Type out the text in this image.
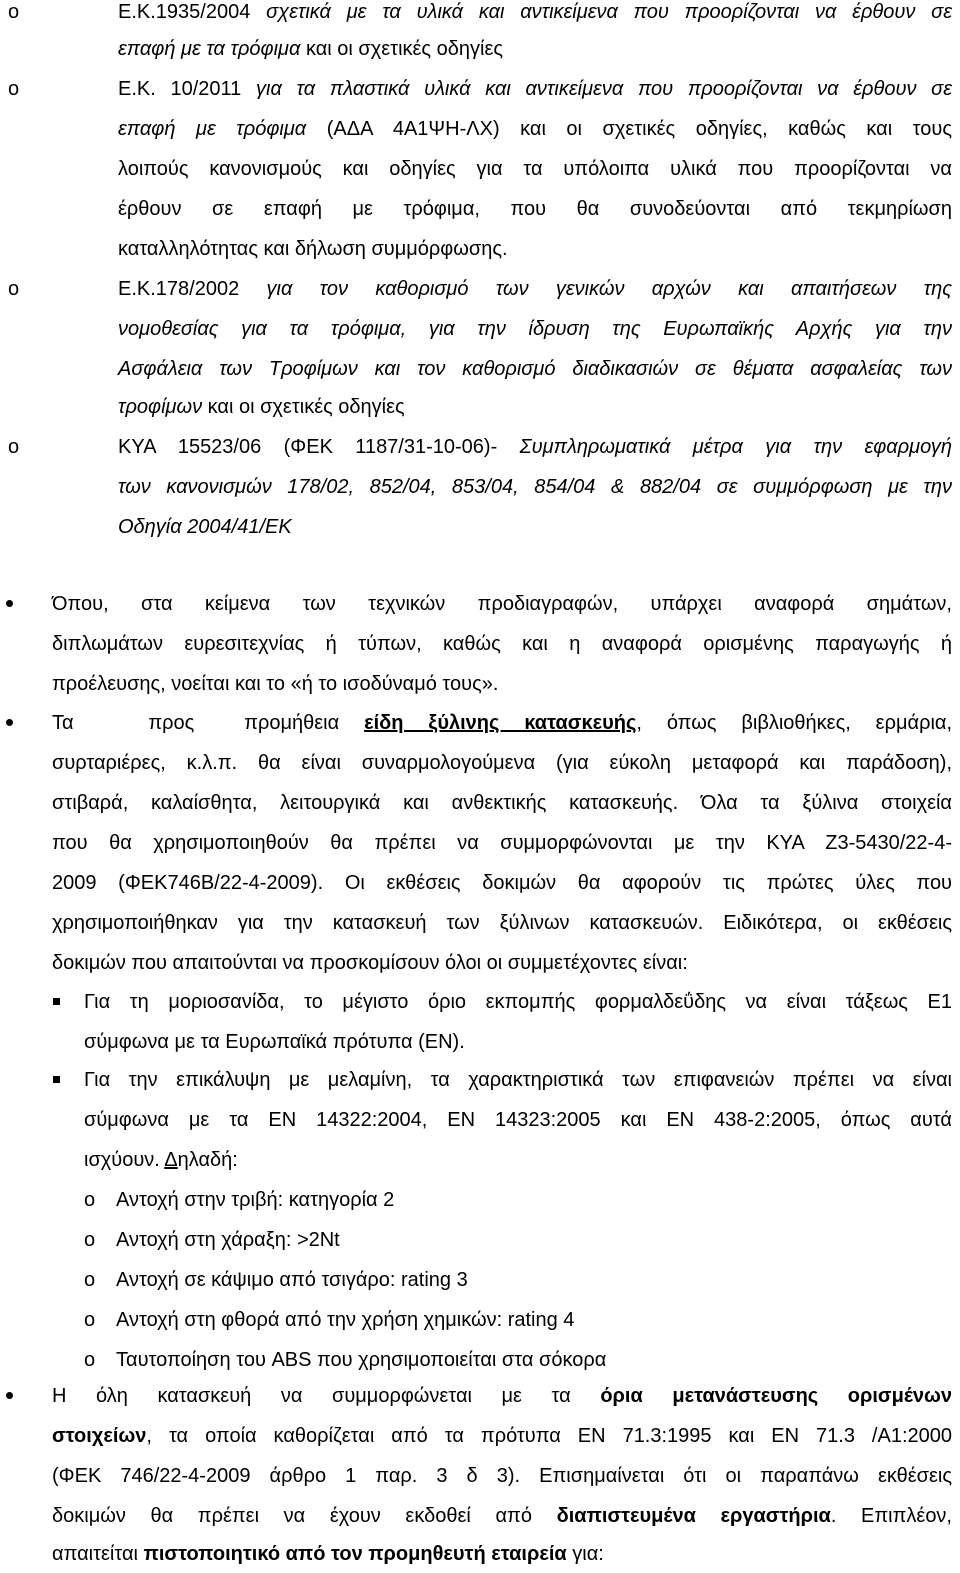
o	Ε.Κ.1935/2004 σχετικά με τα υλικά και αντικείμενα που προορίζονται να έρθουν σε
επαφή με τα τρόφιμα και οι σχετικές οδηγίες
o	Ε.Κ. 10/2011 για τα πλαστικά υλικά και αντικείμενα που προορίζονται να έρθουν σε
επαφή με τρόφιμα (ΑΔΑ 4Α1ΨΗ-ΛΧ) και οι σχετικές οδηγίες, καθώς και τους
λοιπούς κανονισμούς και οδηγίες για τα υπόλοιπα υλικά που προορίζονται να
έρθουν σε επαφή με τρόφιμα, που θα συνοδεύονται από τεκμηρίωση
καταλληλότητας και δήλωση συμμόρφωσης.
o	Ε.Κ.178/2002 για τον καθορισμό των γενικών αρχών και απαιτήσεων της
νομοθεσίας για τα τρόφιμα, για την ίδρυση της Ευρωπαϊκής Αρχής για την
Ασφάλεια των Τροφίμων και τον καθορισμό διαδικασιών σε θέματα ασφαλείας των
τροφίμων και οι σχετικές οδηγίες
o	ΚΥΑ 15523/06 (ΦΕΚ 1187/31-10-06)- Συμπληρωματικά μέτρα για την εφαρμογή
των κανονισμών 178/02, 852/04, 853/04, 854/04 & 882/04 σε συμμόρφωση με την
Οδηγία 2004/41/ΕΚ
Όπου, στα κείμενα των τεχνικών προδιαγραφών, υπάρχει αναφορά σημάτων,
διπλωμάτων ευρεσιτεχνίας ή τύπων, καθώς και η αναφορά ορισμένης παραγωγής ή
προέλευσης, νοείται και το «ή το ισοδύναμό τους».
Τα   προς  προμήθεια είδη ξύλινης κατασκευής, όπως βιβλιοθήκες, ερμάρια,
συρταριέρες, κ.λ.π. θα είναι συναρμολογούμενα (για εύκολη μεταφορά και παράδοση),
στιβαρά, καλαίσθητα, λειτουργικά και ανθεκτικής κατασκευής. Όλα τα ξύλινα στοιχεία
που θα χρησιμοποιηθούν θα πρέπει να συμμορφώνονται με την ΚΥΑ Ζ3-5430/22-4-
2009 (ΦΕΚ746Β/22-4-2009). Οι εκθέσεις δοκιμών θα αφορούν τις πρώτες ύλες που
χρησιμοποιήθηκαν για την κατασκευή των ξύλινων κατασκευών. Ειδικότερα, οι εκθέσεις
δοκιμών που απαιτούνται να προσκομίσουν όλοι οι συμμετέχοντες είναι:
Για τη μοριοσανίδα, το μέγιστο όριο εκπομπής φορμαλδεΰδης να είναι τάξεως Ε1
σύμφωνα με τα Ευρωπαϊκά πρότυπα (ΕΝ).
Για την επικάλυψη με μελαμίνη, τα χαρακτηριστικά των επιφανειών πρέπει να είναι
σύμφωνα με τα ΕΝ 14322:2004, ΕΝ 14323:2005 και ΕΝ 438-2:2005, όπως αυτά
ισχύουν. Δηλαδή:
o Αντοχή στην τριβή: κατηγορία 2
o Αντοχή στη χάραξη: >2Nt
o Αντοχή σε κάψιμο από τσιγάρο: rating 3
o Αντοχή στη φθορά από την χρήση χημικών: rating 4
o Ταυτοποίηση του ABS που χρησιμοποιείται στα σόκορα
Η όλη κατασκευή να συμμορφώνεται με τα όρια μετανάστευσης ορισμένων
στοιχείων, τα οποία καθορίζεται από τα πρότυπα ΕΝ 71.3:1995 και ΕΝ 71.3 /Α1:2000
(ΦΕΚ 746/22-4-2009 άρθρο 1 παρ. 3 δ 3). Επισημαίνεται ότι οι παραπάνω εκθέσεις
δοκιμών θα πρέπει να έχουν εκδοθεί από διαπιστευμένα εργαστήρια. Επιπλέον,
απαιτείται πιστοποιητικό από τον προμηθευτή εταιρεία για:
